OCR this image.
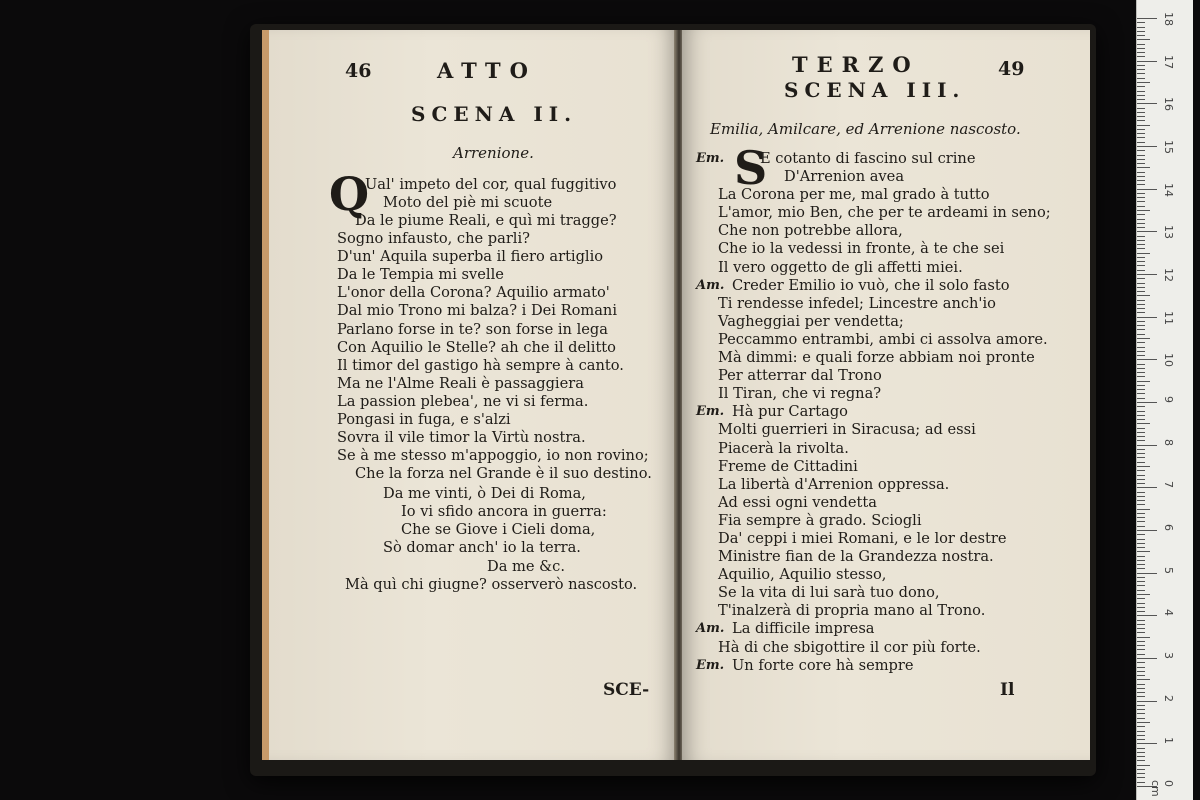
46	ATTO
SCENA II.
Arrenione.
Q
Ual' impeto del cor, qual fuggitivo
Moto del piè mi scuote
Da le piume Reali, e quì mi tragge?
Sogno infausto, che parli?
D'un' Aquila superba il fiero artiglio
Da le Tempia mi svelle
L'onor della Corona? Aquilio armato'
Dal mio Trono mi balza? i Dei Romani
Parlano forse in te? son forse in lega
Con Aquilio le Stelle? ah che il delitto
Il timor del gastigo hà sempre à canto.
Ma ne l'Alme Reali è passaggiera
La passion plebea', ne vi si ferma.
Pongasi in fuga, e s'alzi
Sovra il vile timor la Virtù nostra.
Se à me stesso m'appoggio, io non rovino;
Che la forza nel Grande è il suo destino.
Da me vinti, ò Dei di Roma,
Io vi sfido ancora in guerra:
Che se Giove i Cieli doma,
Sò domar anch' io la terra.
Da me &c.
Mà quì chi giugne? osserverò nascosto.
SCE-
TERZO	49
SCENA III.
Emilia, Amilcare, ed Arrenione nascosto.
Em. S
E cotanto di fascino sul crine
D'Arrenion avea
La Corona per me, mal grado à tutto
L'amor, mio Ben, che per te ardeami in seno;
Che non potrebbe allora,
Che io la vedessi in fronte, à te che sei
Il vero oggetto de gli affetti miei.
Am. Creder Emilio io vuò, che il solo fasto
Ti rendesse infedel; Lincestre anch'io
Vagheggiai per vendetta;
Peccammo entrambi, ambi ci assolva amore.
Mà dimmi: e quali forze abbiam noi pronte
Per atterrar dal Trono
Il Tiran, che vi regna?
Em. Hà pur Cartago
Molti guerrieri in Siracusa; ad essi
Piacerà la rivolta.
Freme de Cittadini
La libertà d'Arrenion oppressa.
Ad essi ogni vendetta
Fia sempre à grado. Sciogli
Da' ceppi i miei Romani, e le lor destre
Ministre fian de la Grandezza nostra.
Aquilio, Aquilio stesso,
Se la vita di lui sarà tuo dono,
T'inalzerà di propria mano al Trono.
Am. La difficile impresa
Hà di che sbigottire il cor più forte.
Em. Un forte core hà sempre
Il
18
17
16
15
14
13
12
11
10
9
8
7
6
5
4
3
2
1
0 cm
